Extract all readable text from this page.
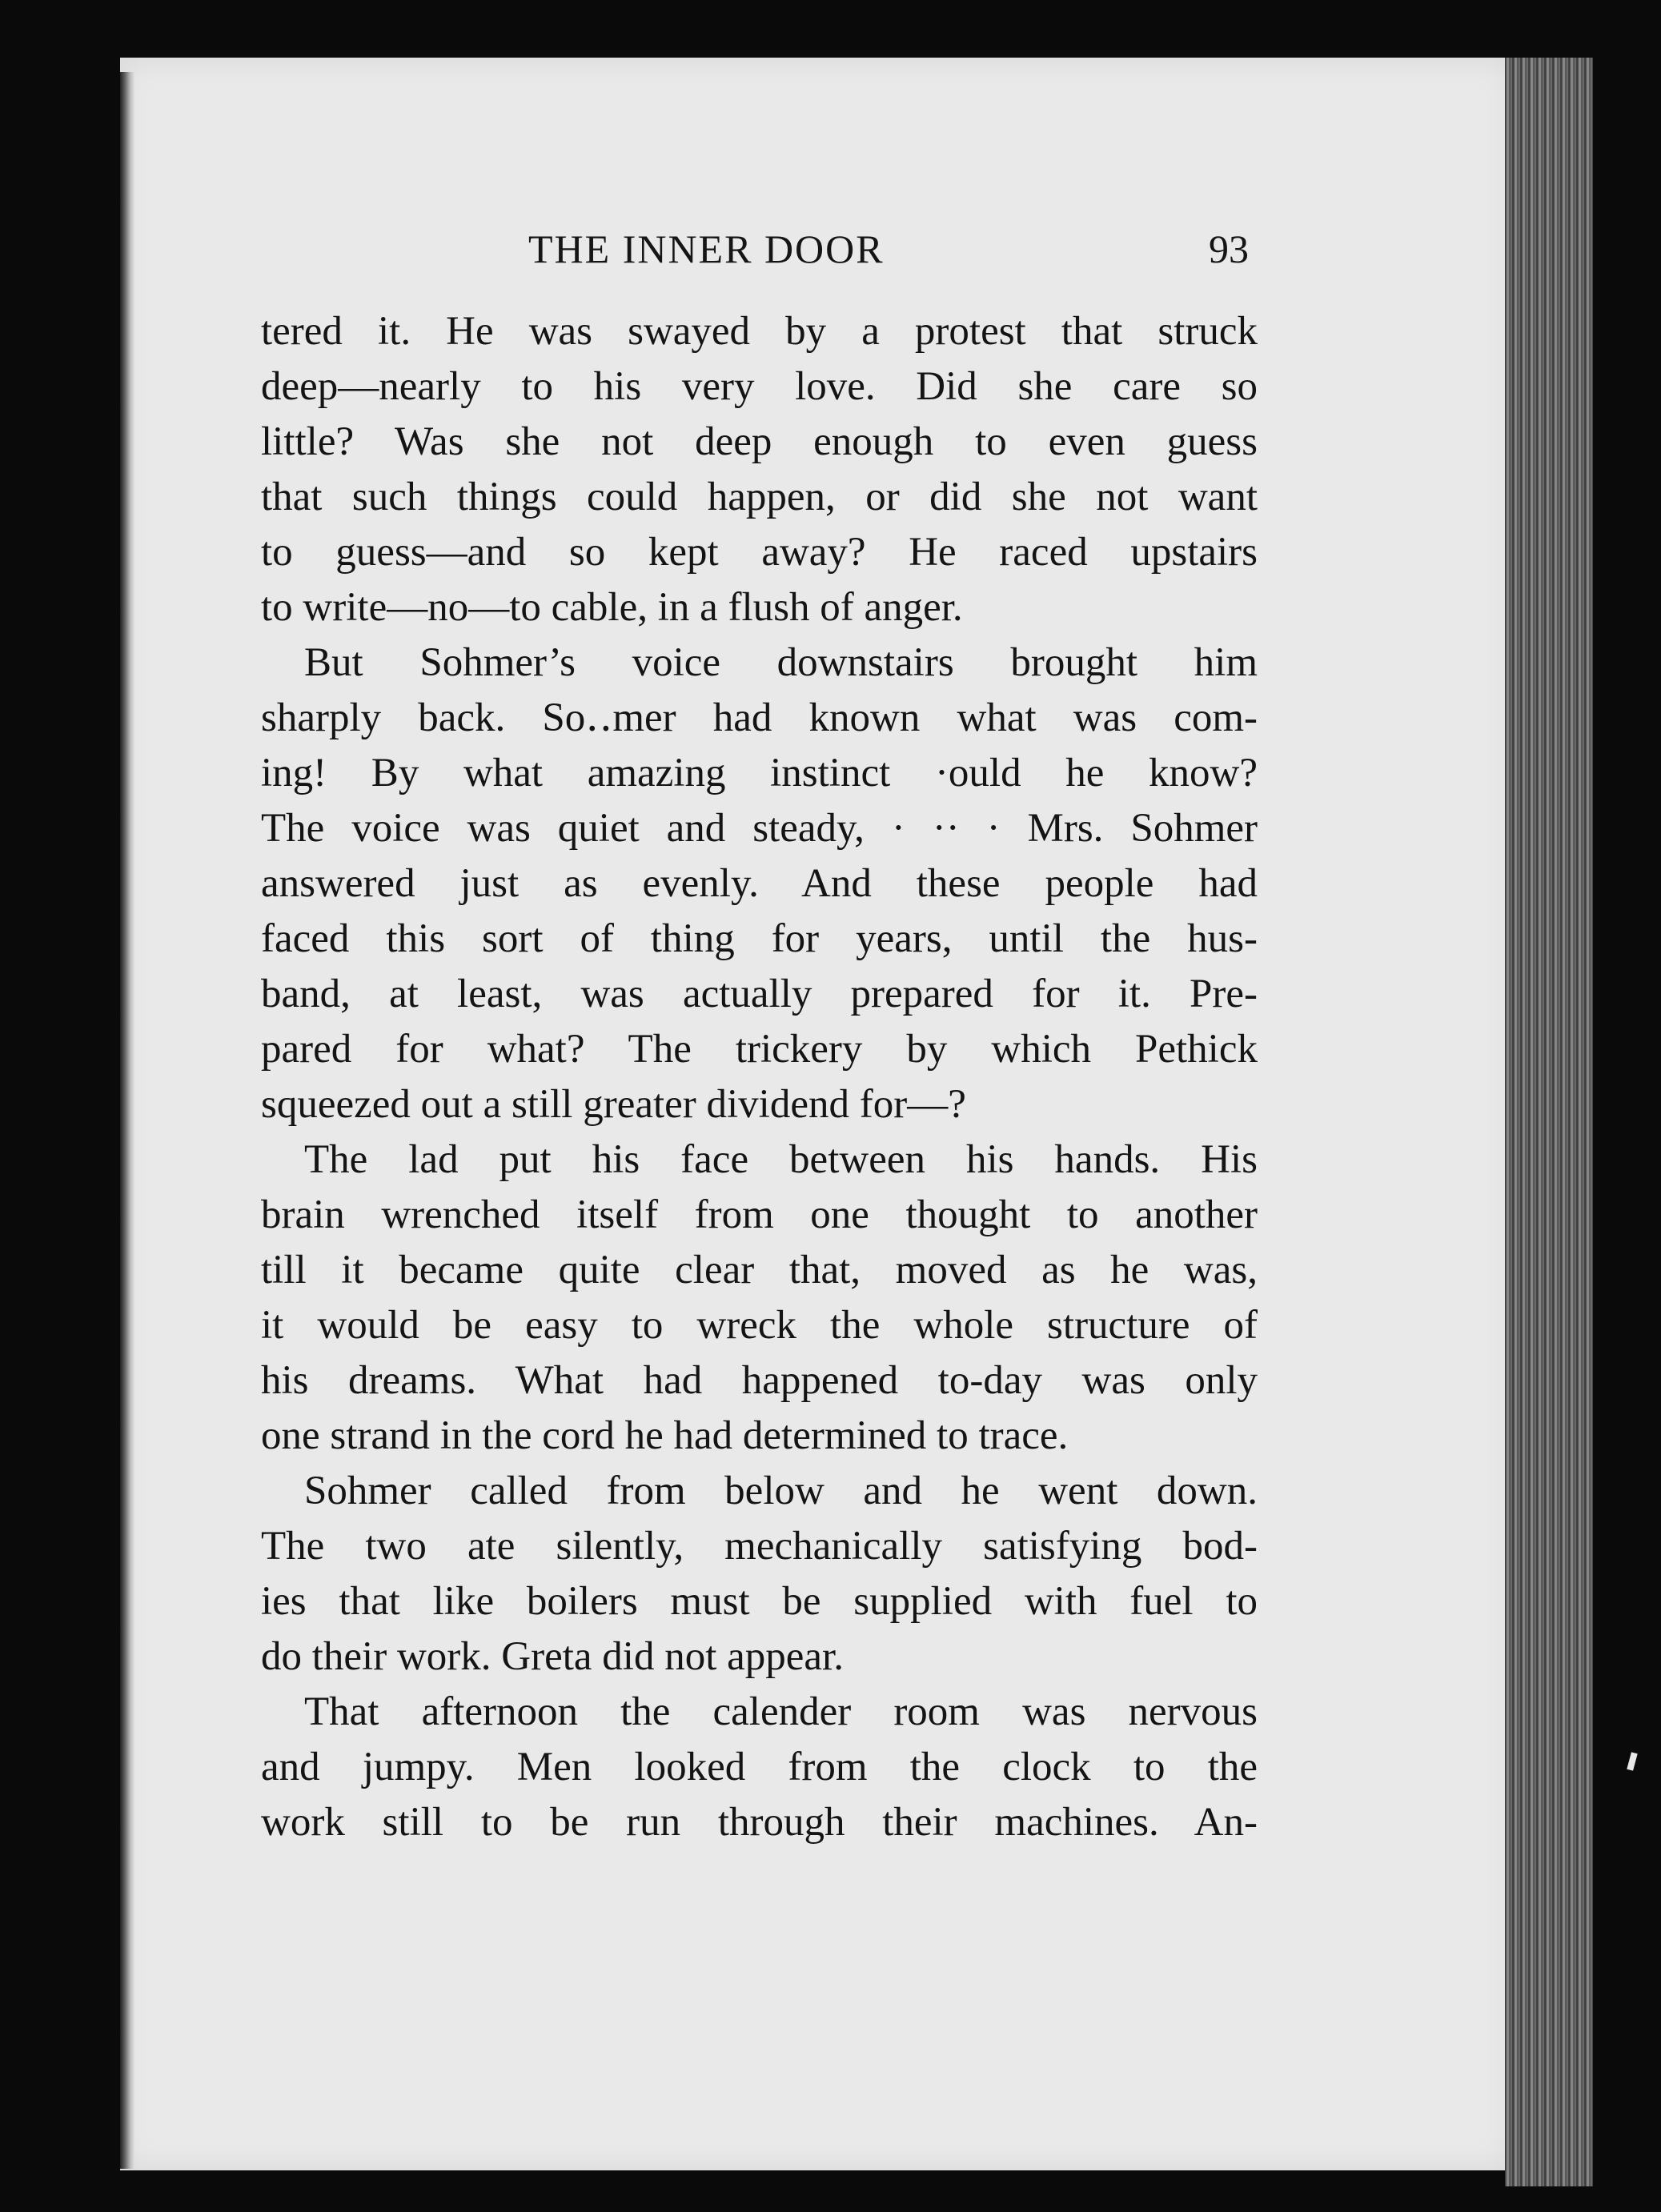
THE INNER DOOR	93
tered it. He was swayed by a protest that struck
deep—nearly to his very love. Did she care so
little? Was she not deep enough to even guess
that such things could happen, or did she not want
to guess—and so kept away? He raced upstairs
to write—no—to cable, in a flush of anger.
But Sohmer’s voice downstairs brought him
sharply back. So․․mer had known what was com-
ing! By what amazing instinct ·ould he know?
The voice was quiet and steady, · ·· · Mrs. Sohmer
answered just as evenly. And these people had
faced this sort of thing for years, until the hus-
band, at least, was actually prepared for it. Pre-
pared for what? The trickery by which Pethick
squeezed out a still greater dividend for—?
The lad put his face between his hands. His
brain wrenched itself from one thought to another
till it became quite clear that, moved as he was,
it would be easy to wreck the whole structure of
his dreams. What had happened to-day was only
one strand in the cord he had determined to trace.
Sohmer called from below and he went down.
The two ate silently, mechanically satisfying bod-
ies that like boilers must be supplied with fuel to
do their work. Greta did not appear.
That afternoon the calender room was nervous
and jumpy. Men looked from the clock to the
work still to be run through their machines. An-
